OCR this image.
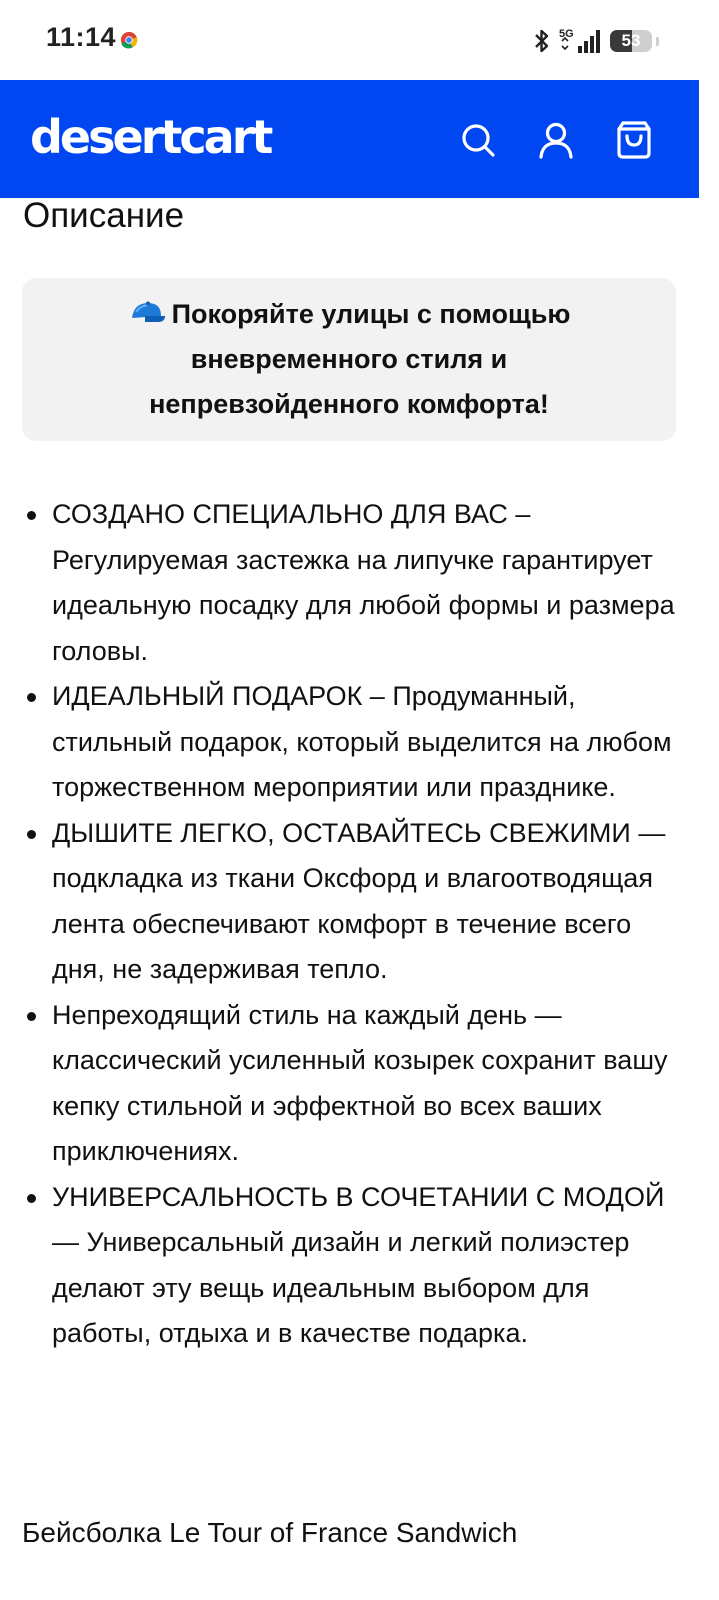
11:14	5G	53
desertcart
Описание
Покоряйте улицы с помощью
вневременного стиля и
непревзойденного комфорта!
СОЗДАНО СПЕЦИАЛЬНО ДЛЯ ВАС – Регулируемая застежка на липучке гарантирует идеальную посадку для любой формы и размера головы.
ИДЕАЛЬНЫЙ ПОДАРОК – Продуманный, стильный подарок, который выделится на любом торжественном мероприятии или празднике.
ДЫШИТЕ ЛЕГКО, ОСТАВАЙТЕСЬ СВЕЖИМИ — подкладка из ткани Оксфорд и влагоотводящая лента обеспечивают комфорт в течение всего дня, не задерживая тепло.
Непреходящий стиль на каждый день — классический усиленный козырек сохранит вашу кепку стильной и эффектной во всех ваших приключениях.
УНИВЕРСАЛЬНОСТЬ В СОЧЕТАНИИ С МОДОЙ — Универсальный дизайн и легкий полиэстер делают эту вещь идеальным выбором для работы, отдыха и в качестве подарка.
Бейсболка Le Tour of France Sandwich
